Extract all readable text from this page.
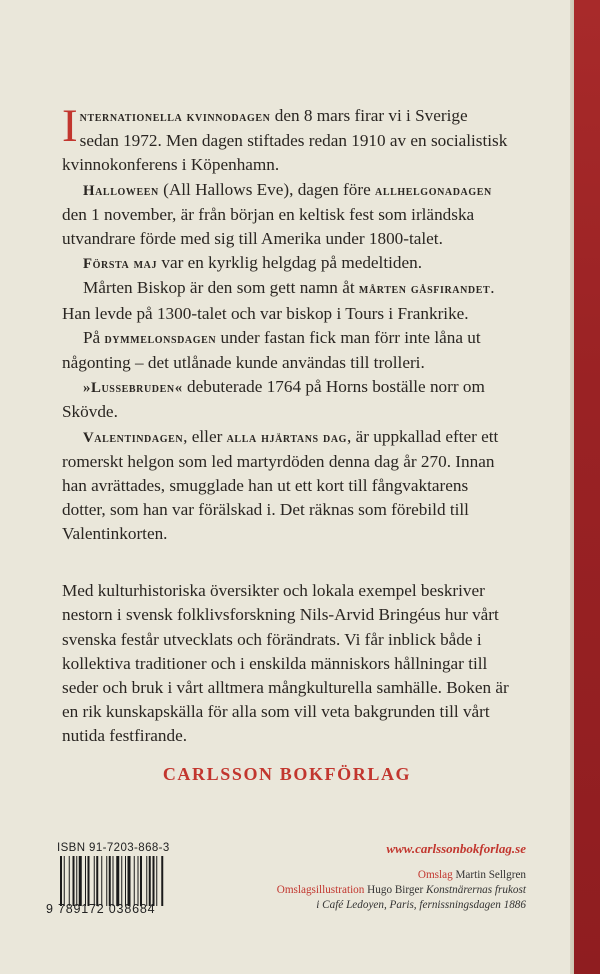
Internationella kvinnodagen den 8 mars firar vi i Sverige sedan 1972. Men dagen stiftades redan 1910 av en socialistisk kvinnokonferens i Köpenhamn.

Halloween (All Hallows Eve), dagen före allhelgonadagen den 1 november, är från början en keltisk fest som irländska utvandrare förde med sig till Amerika under 1800-talet.

Första maj var en kyrklig helgdag på medeltiden.

Mårten Biskop är den som gett namn åt mårten gåsfirandet. Han levde på 1300-talet och var biskop i Tours i Frankrike.

På dymmelonsdagen under fastan fick man förr inte låna ut någonting – det utlånade kunde användas till trolleri.

»Lussebruden« debuterade 1764 på Horns boställe norr om Skövde.

Valentindagen, eller alla hjärtans dag, är uppkallad efter ett romerskt helgon som led martyrdöden denna dag år 270. Innan han avrättades, smugglade han ut ett kort till fångvaktarens dotter, som han var förälskad i. Det räknas som förebild till Valentinkorten.

Med kulturhistoriska översikter och lokala exempel beskriver nestorn i svensk folklivsforskning Nils-Arvid Bringéus hur vårt svenska festår utvecklats och förändrats. Vi får inblick både i kollektiva traditioner och i enskilda människors hållningar till seder och bruk i vårt alltmera mångkulturella samhälle. Boken är en rik kunskapskälla för alla som vill veta bakgrunden till vårt nutida festfirande.

CARLSSON BOKFÖRLAG
ISBN 91-7203-868-3
9 789172 038684
www.carlssonbokforlag.se
Omslag Martin Sellgren
Omslagsillustration Hugo Birger Konstnärernas frukost
i Café Ledoyen, Paris, fernissningsdagen 1886
